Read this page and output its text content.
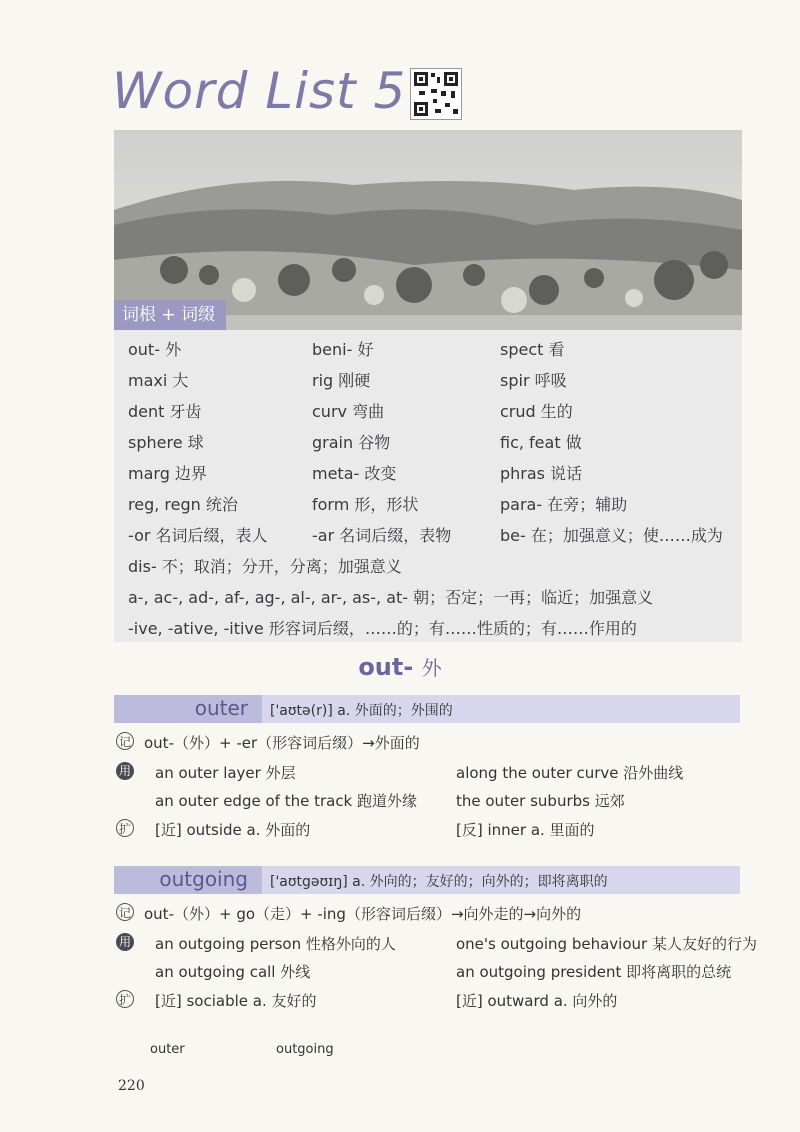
Word List 5
词根 + 词缀
out- 外	beni- 好	spect 看
maxi 大	rig 刚硬	spir 呼吸
dent 牙齿	curv 弯曲	crud 生的
sphere 球	grain 谷物	fic, feat 做
marg 边界	meta- 改变	phras 说话
reg, regn 统治	form 形，形状	para- 在旁；辅助
-or 名词后缀，表人	-ar 名词后缀，表物	be- 在；加强意义；使……成为
dis- 不；取消；分开，分离；加强意义
a-, ac-, ad-, af-, ag-, al-, ar-, as-, at- 朝；否定；一再；临近；加强意义
-ive, -ative, -itive 形容词后缀，……的；有……性质的；有……作用的
out- 外
outer ['aʊtə(r)] a. 外面的；外围的
记 out-（外）+ -er（形容词后缀）→外面的
用 an outer layer 外层	along the outer curve 沿外曲线
an outer edge of the track 跑道外缘	the outer suburbs 远郊
扩 [近] outside a. 外面的	[反] inner a. 里面的
outgoing ['aʊtgəʊɪŋ] a. 外向的；友好的；向外的；即将离职的
记 out-（外）+ go（走）+ -ing（形容词后缀）→向外走的→向外的
用 an outgoing person 性格外向的人	one's outgoing behaviour 某人友好的行为
an outgoing call 外线	an outgoing president 即将离职的总统
扩 [近] sociable a. 友好的	[近] outward a. 向外的
outer	outgoing
220
